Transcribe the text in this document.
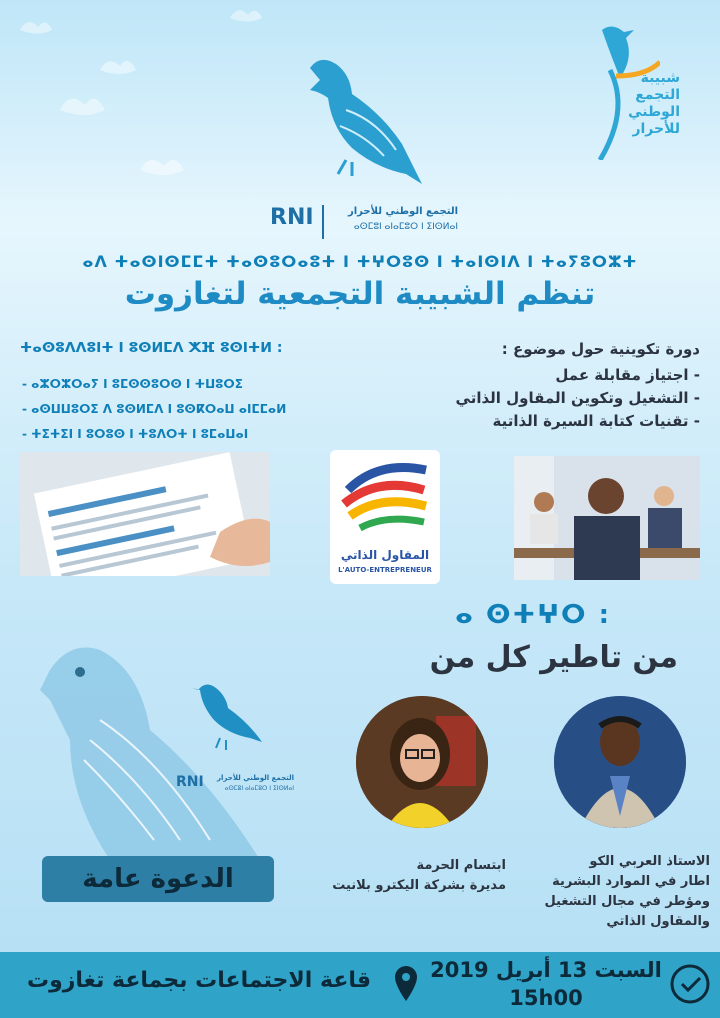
شبيبة
التجمع
الوطني
للأحرار
RNI	التجمع الوطني للأحرار
ⴰⵙⵎⵓⵏ ⴰⵏⴰⵎⵓⵔ ⵏ ⵉⵏⵙⵍⴰⵏ
ⴰⴷ ⵜⴰⵙⵏⵙⵎⵎⵜ ⵜⴰⵙⵓⵔⴰⵓⵜ ⵏ ⵜⵖⵔⵓⵙ ⵏ ⵜⴰⵏⵙⵏⴷ ⵏ ⵜⴰⵢⵓⵔⵣⵜ
تنظم الشبيبة التجمعية لتغازوت
ⵜⴰⵙⵓⴷⴷⵓⵏⵜ ⵏ ⵓⵙⵍⵎⴷ ⵅⴼ ⵓⵙⵏⵜⵍ :
- ⴰⵣⵔⵣⵔⴰⵢ ⵏ ⵓⵎⵙⵙⵓⵔⵙ ⵏ ⵜⵡⵓⵔⵉ
- ⴰⵙⵡⵡⵓⵔⵉ ⴷ ⵓⵙⵍⵎⴷ ⵏ ⵓⵙⴽⵔⴰⵡ ⴰⵏⵎⵎⴰⵍ
- ⵜⵉⵜⵉⵏ ⵏ ⵓⵔⵓⵙ ⵏ ⵜⵓⴷⵔⵜ ⵏ ⵓⵎⴰⵡⴰⵏ
دورة تكوينية حول موضوع :
- اجتياز مقابلة عمل
- التشغيل وتكوين المقاول الذاتي
- تقنيات كتابة السيرة الذاتية
المقاول الذاتي
L'AUTO-ENTREPRENEUR
ⴰ ⵙⵜⵖⵔ :
من تاطير كل من
RNI	التجمع الوطني للأحرار
ⴰⵙⵎⵓⵏ ⴰⵏⴰⵎⵓⵔ ⵏ ⵉⵏⵙⵍⴰⵏ
ابتسام الحرمة
مديرة بشركة اليكترو بلانيت
الاستاذ العربي الكو
اطار في الموارد البشرية
ومؤطر في مجال التشغيل
والمقاول الذاتي
الدعوة عامة
السبت 13 أبريل 2019
15h00
قاعة الاجتماعات بجماعة تغازوت
